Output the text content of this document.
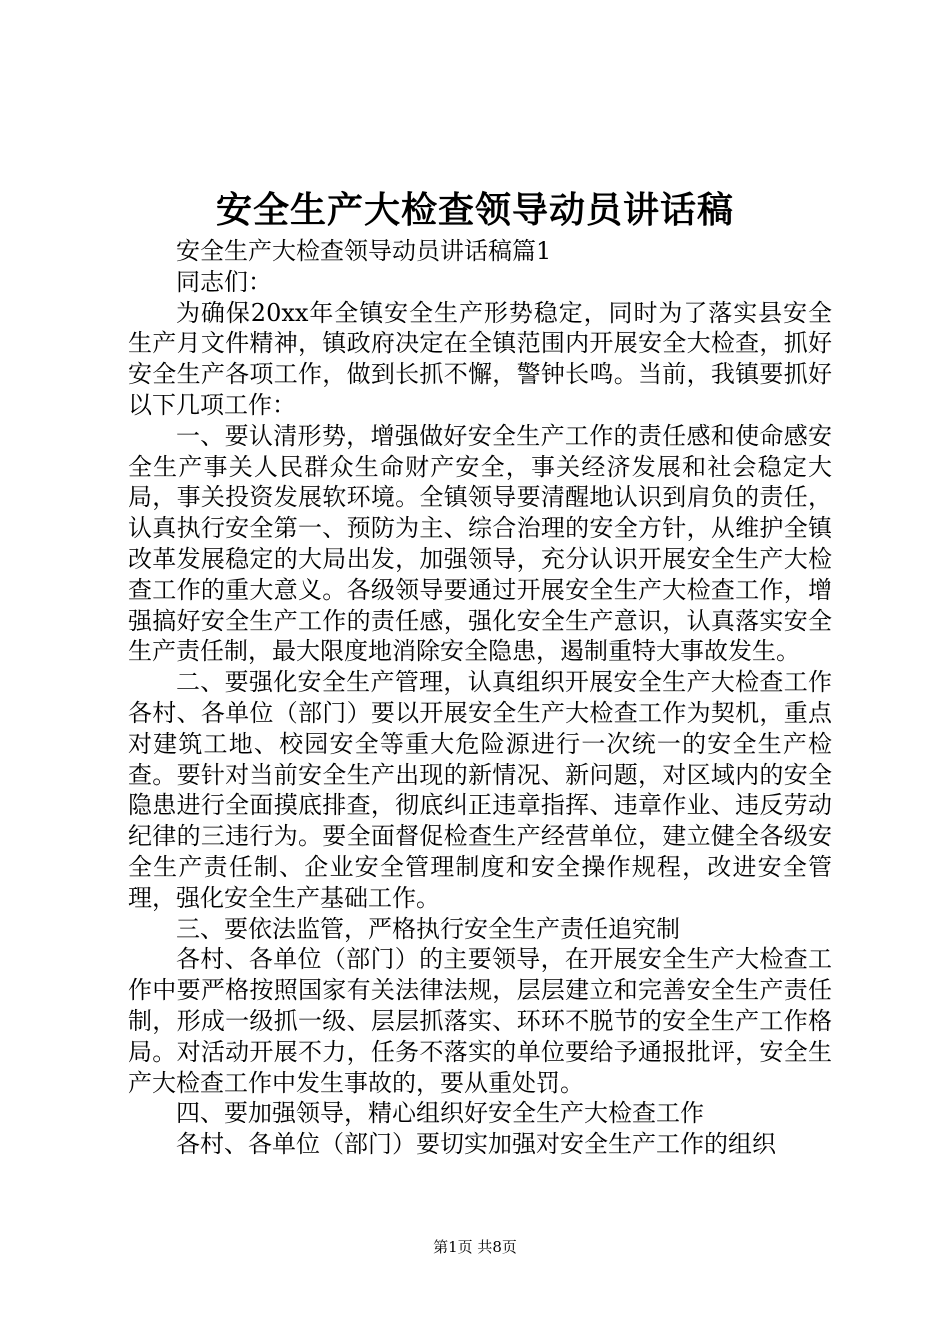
安全生产大检查领导动员讲话稿

安全生产大检查领导动员讲话稿篇1

同志们：

为确保20xx年全镇安全生产形势稳定，同时为了落实县安全生产月文件精神，镇政府决定在全镇范围内开展安全大检查，抓好安全生产各项工作，做到长抓不懈，警钟长鸣。当前，我镇要抓好以下几项工作：

一、要认清形势，增强做好安全生产工作的责任感和使命感安全生产事关人民群众生命财产安全，事关经济发展和社会稳定大局，事关投资发展软环境。全镇领导要清醒地认识到肩负的责任，认真执行安全第一、预防为主、综合治理的安全方针，从维护全镇改革发展稳定的大局出发，加强领导，充分认识开展安全生产大检查工作的重大意义。各级领导要通过开展安全生产大检查工作，增强搞好安全生产工作的责任感，强化安全生产意识，认真落实安全生产责任制，最大限度地消除安全隐患，遏制重特大事故发生。

二、要强化安全生产管理，认真组织开展安全生产大检查工作各村、各单位（部门）要以开展安全生产大检查工作为契机，重点对建筑工地、校园安全等重大危险源进行一次统一的安全生产检查。要针对当前安全生产出现的新情况、新问题，对区域内的安全隐患进行全面摸底排查，彻底纠正违章指挥、违章作业、违反劳动纪律的三违行为。要全面督促检查生产经营单位，建立健全各级安全生产责任制、企业安全管理制度和安全操作规程，改进安全管理，强化安全生产基础工作。

三、要依法监管，严格执行安全生产责任追究制

各村、各单位（部门）的主要领导，在开展安全生产大检查工作中要严格按照国家有关法律法规，层层建立和完善安全生产责任制，形成一级抓一级、层层抓落实、环环不脱节的安全生产工作格局。对活动开展不力，任务不落实的单位要给予通报批评，安全生产大检查工作中发生事故的，要从重处罚。

四、要加强领导，精心组织好安全生产大检查工作

各村、各单位（部门）要切实加强对安全生产工作的组织

第1页 共8页
